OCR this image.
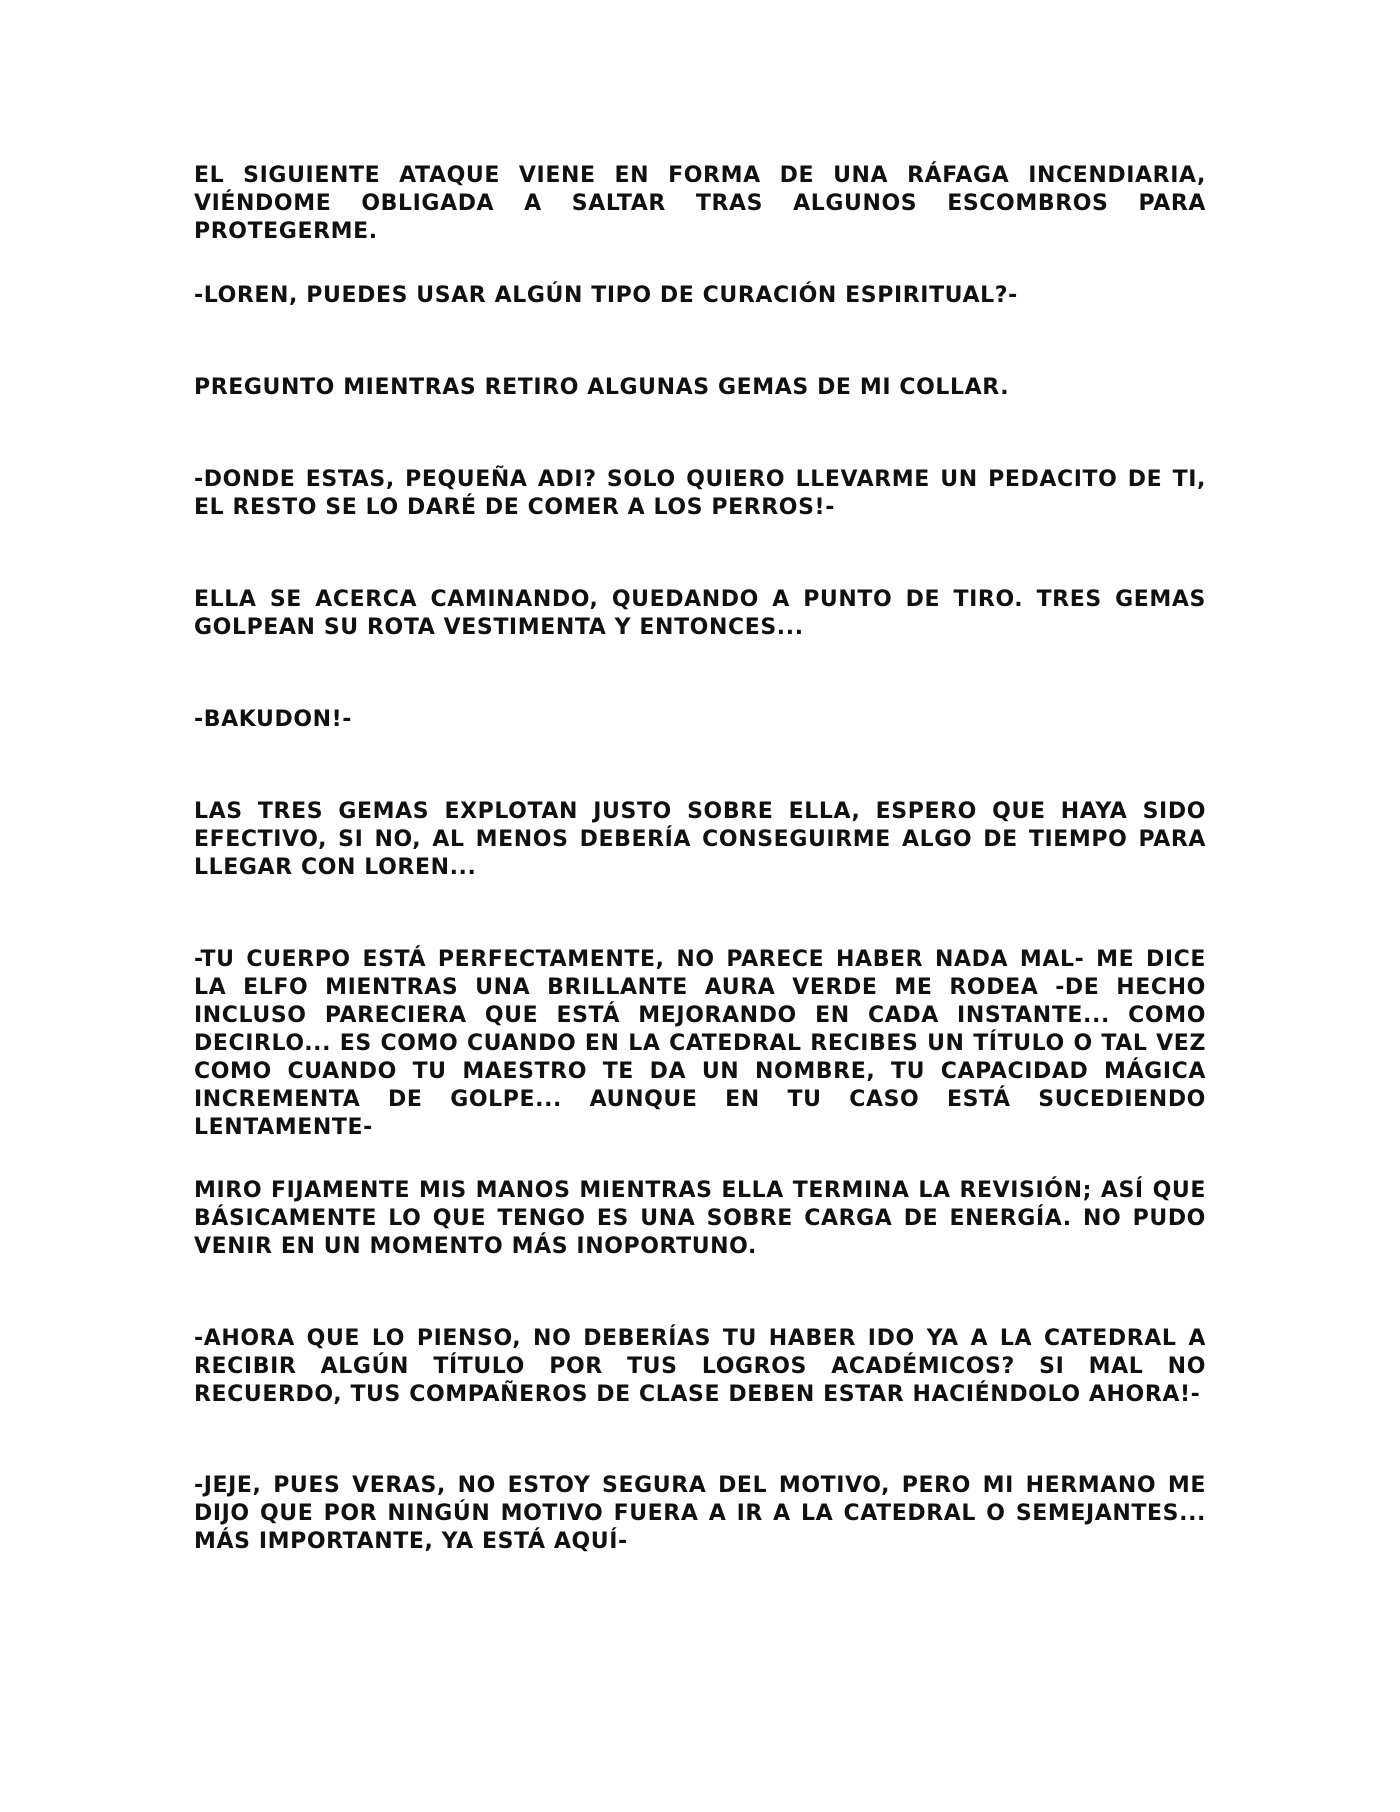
EL SIGUIENTE ATAQUE VIENE EN FORMA DE UNA RÁFAGA INCENDIARIA, VIÉNDOME OBLIGADA A SALTAR TRAS ALGUNOS ESCOMBROS PARA PROTEGERME.

-LOREN, PUEDES USAR ALGÚN TIPO DE CURACIÓN ESPIRITUAL?-

PREGUNTO MIENTRAS RETIRO ALGUNAS GEMAS DE MI COLLAR.

-DONDE ESTAS, PEQUEÑA ADI? SOLO QUIERO LLEVARME UN PEDACITO DE TI, EL RESTO SE LO DARÉ DE COMER A LOS PERROS!-

ELLA SE ACERCA CAMINANDO, QUEDANDO A PUNTO DE TIRO. TRES GEMAS GOLPEAN SU ROTA VESTIMENTA Y ENTONCES...

-BAKUDON!-

LAS TRES GEMAS EXPLOTAN JUSTO SOBRE ELLA, ESPERO QUE HAYA SIDO EFECTIVO, SI NO, AL MENOS DEBERÍA CONSEGUIRME ALGO DE TIEMPO PARA LLEGAR CON LOREN...

-TU CUERPO ESTÁ PERFECTAMENTE, NO PARECE HABER NADA MAL- ME DICE LA ELFO MIENTRAS UNA BRILLANTE AURA VERDE ME RODEA -DE HECHO INCLUSO PARECIERA QUE ESTÁ MEJORANDO EN CADA INSTANTE... COMO DECIRLO... ES COMO CUANDO EN LA CATEDRAL RECIBES UN TÍTULO O TAL VEZ COMO CUANDO TU MAESTRO TE DA UN NOMBRE, TU CAPACIDAD MÁGICA INCREMENTA DE GOLPE... AUNQUE EN TU CASO ESTÁ SUCEDIENDO LENTAMENTE-

MIRO FIJAMENTE MIS MANOS MIENTRAS ELLA TERMINA LA REVISIÓN; ASÍ QUE BÁSICAMENTE LO QUE TENGO ES UNA SOBRE CARGA DE ENERGÍA. NO PUDO VENIR EN UN MOMENTO MÁS INOPORTUNO.

-AHORA QUE LO PIENSO, NO DEBERÍAS TU HABER IDO YA A LA CATEDRAL A RECIBIR ALGÚN TÍTULO POR TUS LOGROS ACADÉMICOS? SI MAL NO RECUERDO, TUS COMPAÑEROS DE CLASE DEBEN ESTAR HACIÉNDOLO AHORA!-

-JEJE, PUES VERAS, NO ESTOY SEGURA DEL MOTIVO, PERO MI HERMANO ME DIJO QUE POR NINGÚN MOTIVO FUERA A IR A LA CATEDRAL O SEMEJANTES... MÁS IMPORTANTE, YA ESTÁ AQUÍ-
